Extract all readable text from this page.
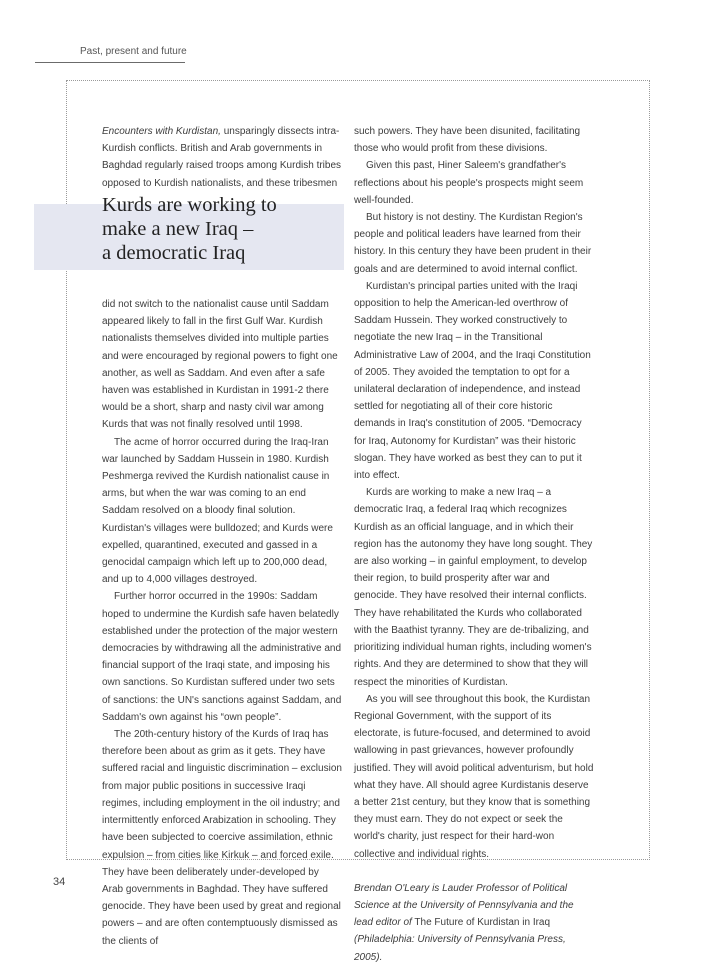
Past, present and future

Encounters with Kurdistan, unsparingly dissects intra-Kurdish conflicts. British and Arab governments in Baghdad regularly raised troops among Kurdish tribes opposed to Kurdish nationalists, and these tribesmen

Kurds are working to

make a new Iraq –

a democratic Iraq

did not switch to the nationalist cause until Saddam appeared likely to fall in the first Gulf War. Kurdish nationalists themselves divided into multiple parties and were encouraged by regional powers to fight one another, as well as Saddam. And even after a safe haven was established in Kurdistan in 1991-2 there would be a short, sharp and nasty civil war among Kurds that was not finally resolved until 1998.

The acme of horror occurred during the Iraq-Iran war launched by Saddam Hussein in 1980. Kurdish Peshmerga revived the Kurdish nationalist cause in arms, but when the war was coming to an end Saddam resolved on a bloody final solution. Kurdistan's villages were bulldozed; and Kurds were expelled, quarantined, executed and gassed in a genocidal campaign which left up to 200,000 dead, and up to 4,000 villages destroyed.

Further horror occurred in the 1990s: Saddam hoped to undermine the Kurdish safe haven belatedly established under the protection of the major western democracies by withdrawing all the administrative and financial support of the Iraqi state, and imposing his own sanctions. So Kurdistan suffered under two sets of sanctions: the UN's sanctions against Saddam, and Saddam's own against his “own people”.

The 20th-century history of the Kurds of Iraq has therefore been about as grim as it gets. They have suffered racial and linguistic discrimination – exclusion from major public positions in successive Iraqi regimes, including employment in the oil industry; and intermittently enforced Arabization in schooling. They have been subjected to coercive assimilation, ethnic expulsion – from cities like Kirkuk – and forced exile. They have been deliberately under-developed by Arab governments in Baghdad. They have suffered genocide. They have been used by great and regional powers – and are often contemptuously dismissed as the clients of

such powers. They have been disunited, facilitating those who would profit from these divisions.

Given this past, Hiner Saleem's grandfather's reflections about his people's prospects might seem well-founded.

But history is not destiny. The Kurdistan Region's people and political leaders have learned from their history. In this century they have been prudent in their goals and are determined to avoid internal conflict.

Kurdistan's principal parties united with the Iraqi opposition to help the American-led overthrow of Saddam Hussein. They worked constructively to negotiate the new Iraq – in the Transitional Administrative Law of 2004, and the Iraqi Constitution of 2005. They avoided the temptation to opt for a unilateral declaration of independence, and instead settled for negotiating all of their core historic demands in Iraq's constitution of 2005. “Democracy for Iraq, Autonomy for Kurdistan” was their historic slogan. They have worked as best they can to put it into effect.

Kurds are working to make a new Iraq – a democratic Iraq, a federal Iraq which recognizes Kurdish as an official language, and in which their region has the autonomy they have long sought. They are also working – in gainful employment, to develop their region, to build prosperity after war and genocide. They have resolved their internal conflicts. They have rehabilitated the Kurds who collaborated with the Baathist tyranny. They are de-tribalizing, and prioritizing individual human rights, including women's rights. And they are determined to show that they will respect the minorities of Kurdistan.

As you will see throughout this book, the Kurdistan Regional Government, with the support of its electorate, is future-focused, and determined to avoid wallowing in past grievances, however profoundly justified. They will avoid political adventurism, but hold what they have. All should agree Kurdistanis deserve a better 21st century, but they know that is something they must earn. They do not expect or seek the world's charity, just respect for their hard-won collective and individual rights.

Brendan O'Leary is Lauder Professor of Political Science at the University of Pennsylvania and the lead editor of The Future of Kurdistan in Iraq (Philadelphia: University of Pennsylvania Press, 2005).

34
